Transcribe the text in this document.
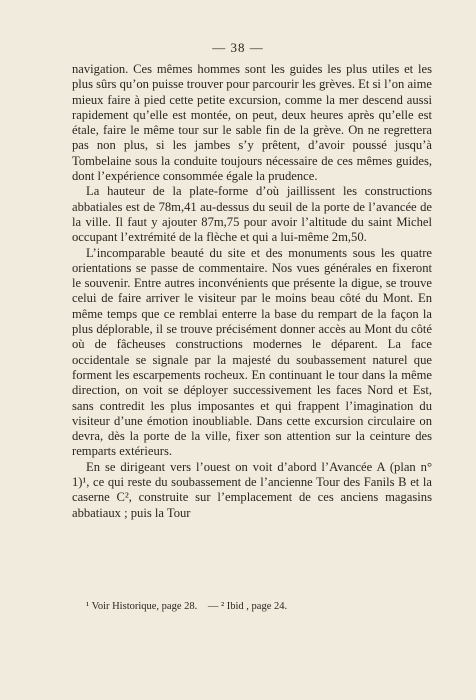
— 38 —

navigation. Ces mêmes hommes sont les guides les plus utiles et les plus sûrs qu’on puisse trouver pour parcourir les grèves. Et si l’on aime mieux faire à pied cette petite excursion, comme la mer descend aussi rapidement qu’elle est montée, on peut, deux heures après qu’elle est étale, faire le même tour sur le sable fin de la grève. On ne regrettera pas non plus, si les jambes s’y prêtent, d’avoir poussé jusqu’à Tombelaine sous la conduite toujours nécessaire de ces mêmes guides, dont l’expérience consommée égale la prudence.

La hauteur de la plate-forme d’où jaillissent les constructions abbatiales est de 78m,41 au-dessus du seuil de la porte de l’avancée de la ville. Il faut y ajouter 87m,75 pour avoir l’altitude du saint Michel occupant l’extrémité de la flèche et qui a lui-même 2m,50.

L’incomparable beauté du site et des monuments sous les quatre orientations se passe de commentaire. Nos vues générales en fixeront le souvenir. Entre autres inconvénients que présente la digue, se trouve celui de faire arriver le visiteur par le moins beau côté du Mont. En même temps que ce remblai enterre la base du rempart de la façon la plus déplorable, il se trouve précisément donner accès au Mont du côté où de fâcheuses constructions modernes le déparent. La face occidentale se signale par la majesté du soubassement naturel que forment les escarpements rocheux. En continuant le tour dans la même direction, on voit se déployer successivement les faces Nord et Est, sans contredit les plus imposantes et qui frappent l’imagination du visiteur d’une émotion inoubliable. Dans cette excursion circulaire on devra, dès la porte de la ville, fixer son attention sur la ceinture des remparts extérieurs.

En se dirigeant vers l’ouest on voit d’abord l’Avancée A (plan n° 1)¹, ce qui reste du soubassement de l’ancienne Tour des Fanils B et la caserne C², construite sur l’emplacement de ces anciens magasins abbatiaux ; puis la Tour

¹ Voir Historique, page 28. — ² Ibid , page 24.
